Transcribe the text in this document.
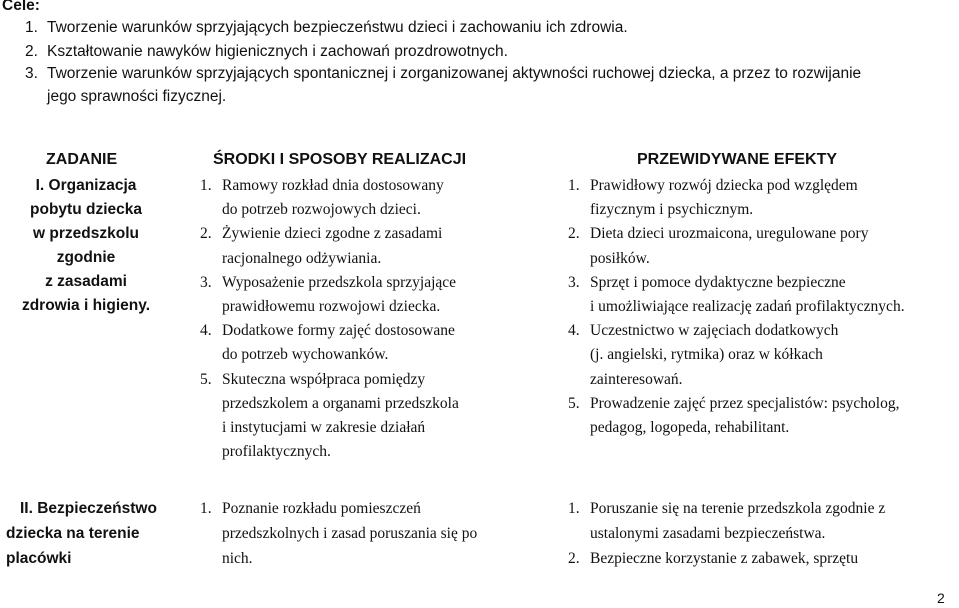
Cele:
1. Tworzenie warunków sprzyjających bezpieczeństwu dzieci i zachowaniu ich zdrowia.
2. Kształtowanie nawyków higienicznych i zachowań prozdrowotnych.
3. Tworzenie warunków sprzyjających spontanicznej i zorganizowanej aktywności ruchowej dziecka, a przez to rozwijanie
jego sprawności fizycznej.
ZADANIE	ŚRODKI I SPOSOBY REALIZACJI	PRZEWIDYWANE EFEKTY
I. Organizacja
pobytu dziecka
w przedszkolu
zgodnie
z zasadami
zdrowia i higieny.
1. Ramowy rozkład dnia dostosowany
do potrzeb rozwojowych dzieci.
2. Żywienie dzieci zgodne z zasadami
racjonalnego odżywiania.
3. Wyposażenie przedszkola sprzyjające
prawidłowemu rozwojowi dziecka.
4. Dodatkowe formy zajęć dostosowane
do potrzeb wychowanków.
5. Skuteczna współpraca pomiędzy
przedszkolem a organami przedszkola
i instytucjami w zakresie działań
profilaktycznych.
1. Prawidłowy rozwój dziecka pod względem
fizycznym i psychicznym.
2. Dieta dzieci urozmaicona, uregulowane pory
posiłków.
3. Sprzęt i pomoce dydaktyczne bezpieczne
i umożliwiające realizację zadań profilaktycznych.
4. Uczestnictwo w zajęciach dodatkowych
(j. angielski, rytmika) oraz w kółkach
zainteresowań.
5. Prowadzenie zajęć przez specjalistów: psycholog,
pedagog, logopeda, rehabilitant.
II. Bezpieczeństwo
dziecka na terenie
placówki
1. Poznanie rozkładu pomieszczeń
przedszkolnych i zasad poruszania się po
nich.
1. Poruszanie się na terenie przedszkola zgodnie z
ustalonymi zasadami bezpieczeństwa.
2. Bezpieczne korzystanie z zabawek, sprzętu
2
